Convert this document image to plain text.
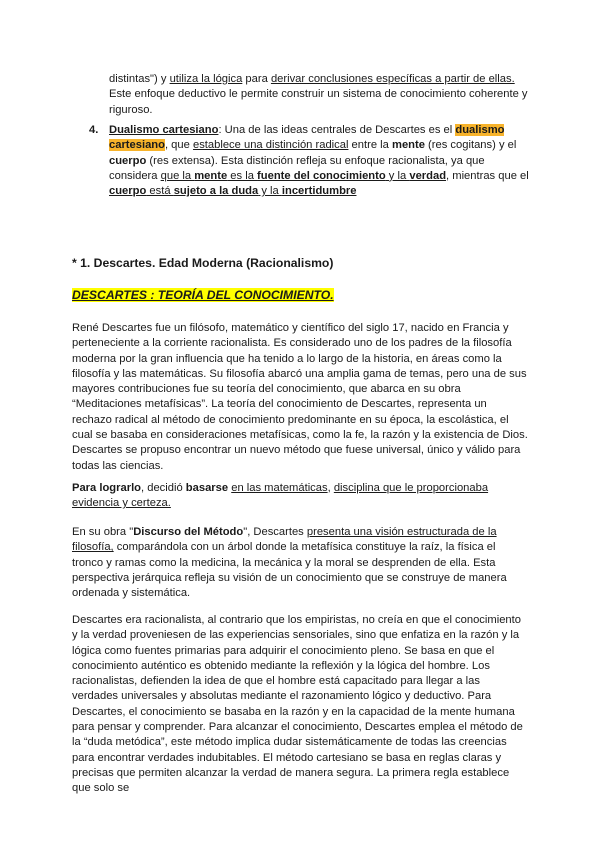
distintas") y utiliza la lógica para derivar conclusiones específicas a partir de ellas. Este enfoque deductivo le permite construir un sistema de conocimiento coherente y riguroso.

4. Dualismo cartesiano: Una de las ideas centrales de Descartes es el dualismo cartesiano, que establece una distinción radical entre la mente (res cogitans) y el cuerpo (res extensa). Esta distinción refleja su enfoque racionalista, ya que considera que la mente es la fuente del conocimiento y la verdad, mientras que el cuerpo está sujeto a la duda y la incertidumbre

* 1. Descartes. Edad Moderna (Racionalismo)

DESCARTES : TEORÍA DEL CONOCIMIENTO.

René Descartes fue un filósofo, matemático y científico del siglo 17, nacido en Francia y perteneciente a la corriente racionalista. Es considerado uno de los padres de la filosofía moderna por la gran influencia que ha tenido a lo largo de la historia, en áreas como la filosofía y las matemáticas. Su filosofía abarcó una amplia gama de temas, pero una de sus mayores contribuciones fue su teoría del conocimiento, que abarca en su obra “Meditaciones metafísicas”. La teoría del conocimiento de Descartes, representa un rechazo radical al método de conocimiento predominante en su época, la escolástica, el cual se basaba en consideraciones metafísicas, como la fe, la razón y la existencia de Dios. Descartes se propuso encontrar un nuevo método que fuese universal, único y válido para todas las ciencias.

Para lograrlo, decidió basarse en las matemáticas, disciplina que le proporcionaba evidencia y certeza.

En su obra "Discurso del Método", Descartes presenta una visión estructurada de la filosofía, comparándola con un árbol donde la metafísica constituye la raíz, la física el tronco y ramas como la medicina, la mecánica y la moral se desprenden de ella. Esta perspectiva jerárquica refleja su visión de un conocimiento que se construye de manera ordenada y sistemática.

Descartes era racionalista, al contrario que los empiristas, no creía en que el conocimiento y la verdad proveniesen de las experiencias sensoriales, sino que enfatiza en la razón y la lógica como fuentes primarias para adquirir el conocimiento pleno. Se basa en que el conocimiento auténtico es obtenido mediante la reflexión y la lógica del hombre. Los racionalistas, defienden la idea de que el hombre está capacitado para llegar a las verdades universales y absolutas mediante el razonamiento lógico y deductivo. Para Descartes, el conocimiento se basaba en la razón y en la capacidad de la mente humana para pensar y comprender. Para alcanzar el conocimiento, Descartes emplea el método de la “duda metódica”, este método implica dudar sistemáticamente de todas las creencias para encontrar verdades indubitables. El método cartesiano se basa en reglas claras y precisas que permiten alcanzar la verdad de manera segura. La primera regla establece que solo se
